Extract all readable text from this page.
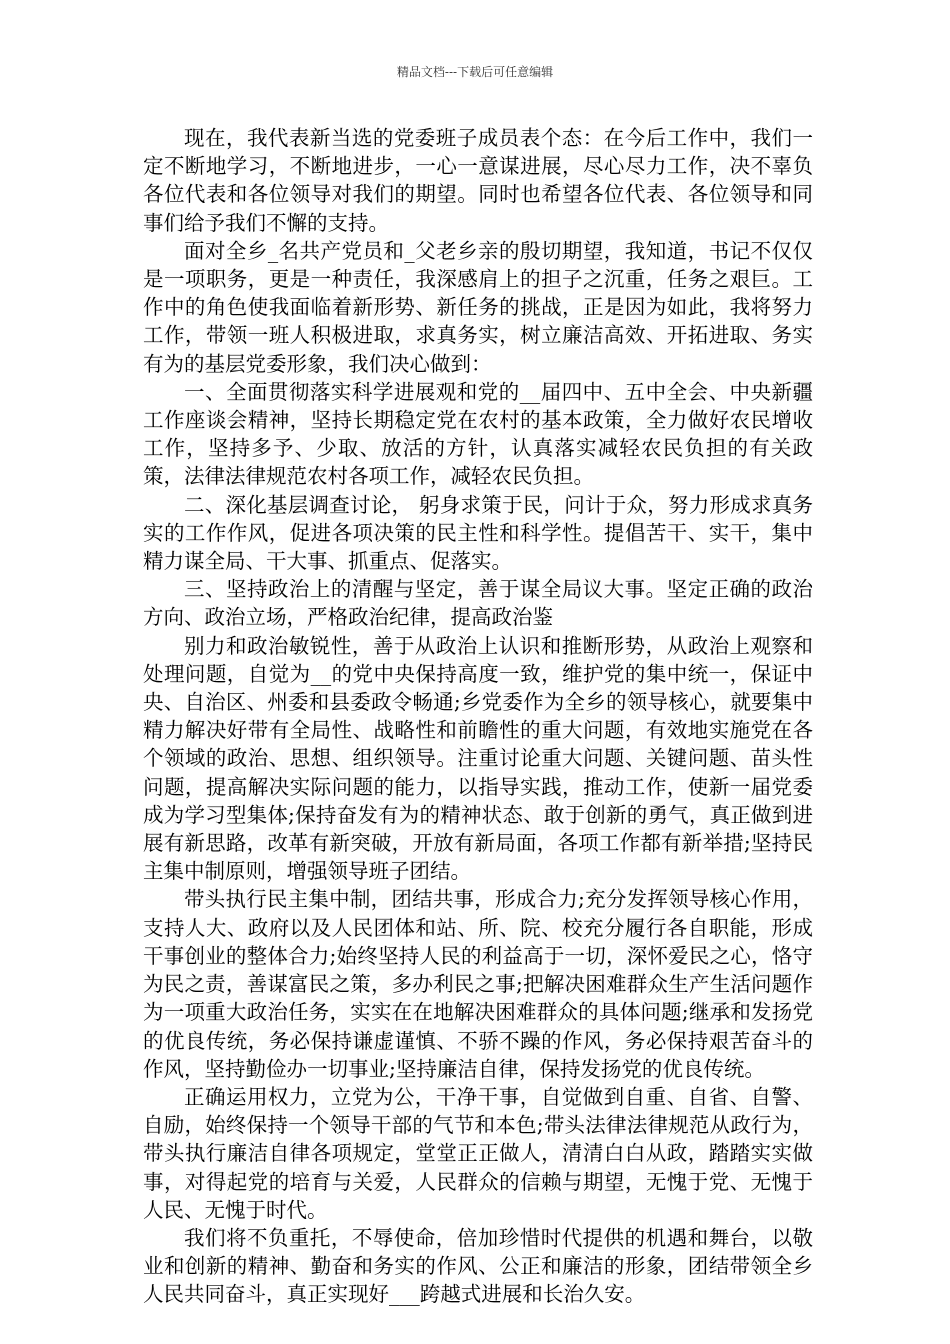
精品文档---下载后可任意编辑

现在，我代表新当选的党委班子成员表个态：在今后工作中，我们一定不断地学习，不断地进步，一心一意谋进展，尽心尽力工作，决不辜负各位代表和各位领导对我们的期望。同时也希望各位代表、各位领导和同事们给予我们不懈的支持。

面对全乡_名共产党员和_父老乡亲的殷切期望，我知道，书记不仅仅是一项职务，更是一种责任，我深感肩上的担子之沉重，任务之艰巨。工作中的角色使我面临着新形势、新任务的挑战，正是因为如此，我将努力工作，带领一班人积极进取，求真务实，树立廉洁高效、开拓进取、务实有为的基层党委形象，我们决心做到：

一、全面贯彻落实科学进展观和党的__届四中、五中全会、中央新疆工作座谈会精神，坚持长期稳定党在农村的基本政策，全力做好农民增收工作，坚持多予、少取、放活的方针，认真落实减轻农民负担的有关政策，法律法律规范农村各项工作，减轻农民负担。

二、深化基层调查讨论， 躬身求策于民，问计于众，努力形成求真务实的工作作风，促进各项决策的民主性和科学性。提倡苦干、实干，集中精力谋全局、干大事、抓重点、促落实。

三、坚持政治上的清醒与坚定，善于谋全局议大事。坚定正确的政治方向、政治立场，严格政治纪律，提高政治鉴

别力和政治敏锐性，善于从政治上认识和推断形势，从政治上观察和处理问题，自觉为__的党中央保持高度一致，维护党的集中统一，保证中央、自治区、州委和县委政令畅通;乡党委作为全乡的领导核心，就要集中精力解决好带有全局性、战略性和前瞻性的重大问题，有效地实施党在各个领域的政治、思想、组织领导。注重讨论重大问题、关键问题、苗头性问题，提高解决实际问题的能力，以指导实践，推动工作，使新一届党委成为学习型集体;保持奋发有为的精神状态、敢于创新的勇气，真正做到进展有新思路，改革有新突破，开放有新局面，各项工作都有新举措;坚持民主集中制原则，增强领导班子团结。

带头执行民主集中制，团结共事，形成合力;充分发挥领导核心作用，支持人大、政府以及人民团体和站、所、院、校充分履行各自职能，形成干事创业的整体合力;始终坚持人民的利益高于一切，深怀爱民之心，恪守为民之责，善谋富民之策，多办利民之事;把解决困难群众生产生活问题作为一项重大政治任务，实实在在地解决困难群众的具体问题;继承和发扬党的优良传统，务必保持谦虚谨慎、不骄不躁的作风，务必保持艰苦奋斗的作风，坚持勤俭办一切事业;坚持廉洁自律，保持发扬党的优良传统。

正确运用权力，立党为公，干净干事，自觉做到自重、自省、自警、自励，始终保持一个领导干部的气节和本色;带头法律法律规范从政行为，带头执行廉洁自律各项规定，堂堂正正做人，清清白白从政，踏踏实实做事，对得起党的培育与关爱，人民群众的信赖与期望，无愧于党、无愧于人民、无愧于时代。

我们将不负重托，不辱使命，倍加珍惜时代提供的机遇和舞台，以敬业和创新的精神、勤奋和务实的作风、公正和廉洁的形象，团结带领全乡人民共同奋斗，真正实现好___跨越式进展和长治久安。
